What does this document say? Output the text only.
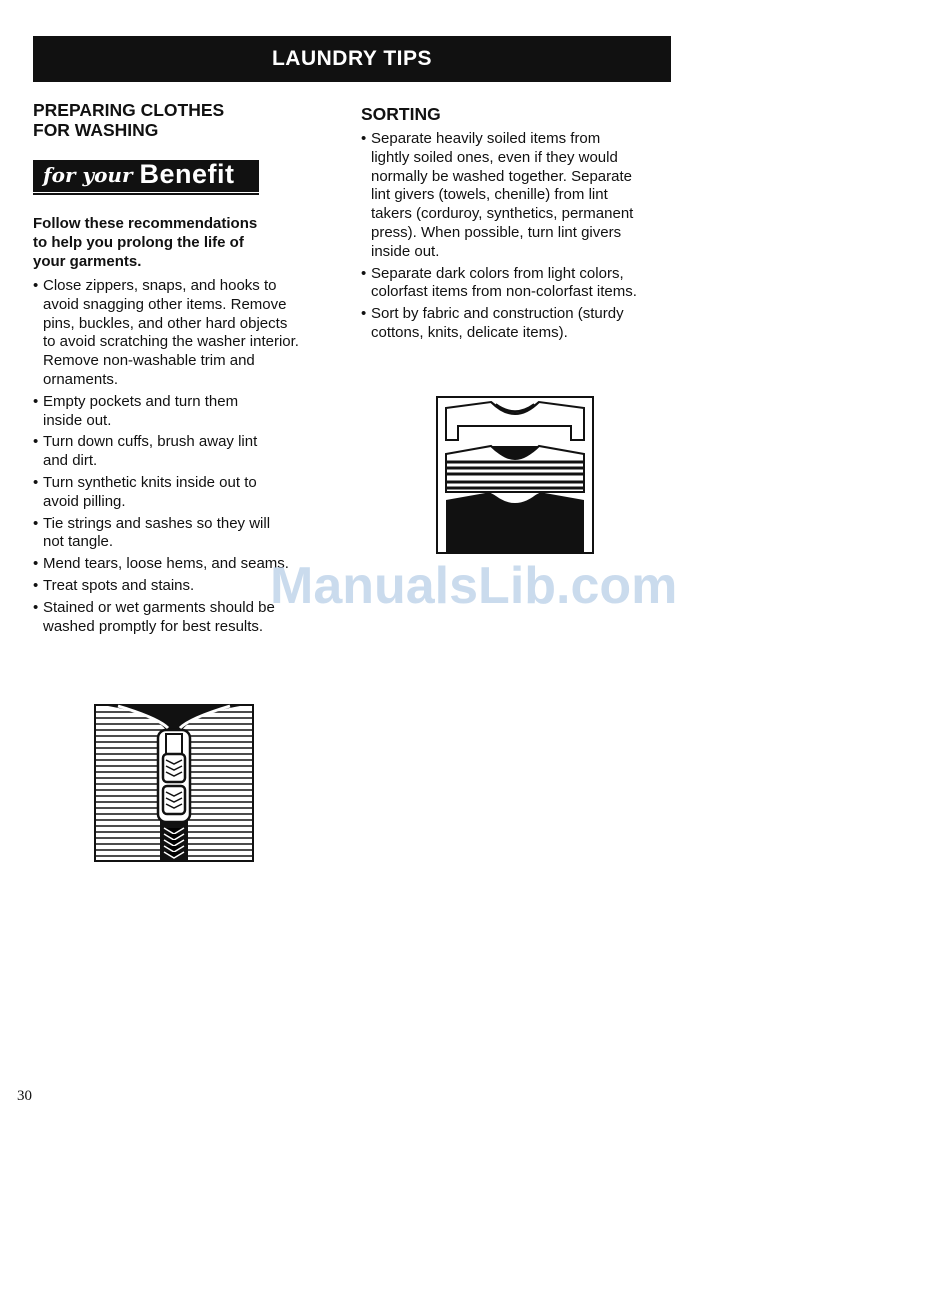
LAUNDRY TIPS
PREPARING CLOTHES
FOR WASHING
for your Benefit
Follow these recommendations
to help you prolong the life of
your garments.
• Close zippers, snaps, and hooks to
avoid snagging other items. Remove
pins, buckles, and other hard objects
to avoid scratching the washer interior.
Remove non-washable trim and
ornaments.
• Empty pockets and turn them
inside out.
• Turn down cuffs, brush away lint
and dirt.
• Turn synthetic knits inside out to
avoid pilling.
• Tie strings and sashes so they will
not tangle.
• Mend tears, loose hems, and seams.
• Treat spots and stains.
• Stained or wet garments should be
washed promptly for best results.
SORTING
• Separate heavily soiled items from
lightly soiled ones, even if they would
normally be washed together. Separate
lint givers (towels, chenille) from lint
takers (corduroy, synthetics, permanent
press). When possible, turn lint givers
inside out.
• Separate dark colors from light colors,
colorfast items from non-colorfast items.
• Sort by fabric and construction (sturdy
cottons, knits, delicate items).
ManualsLib.com
30
